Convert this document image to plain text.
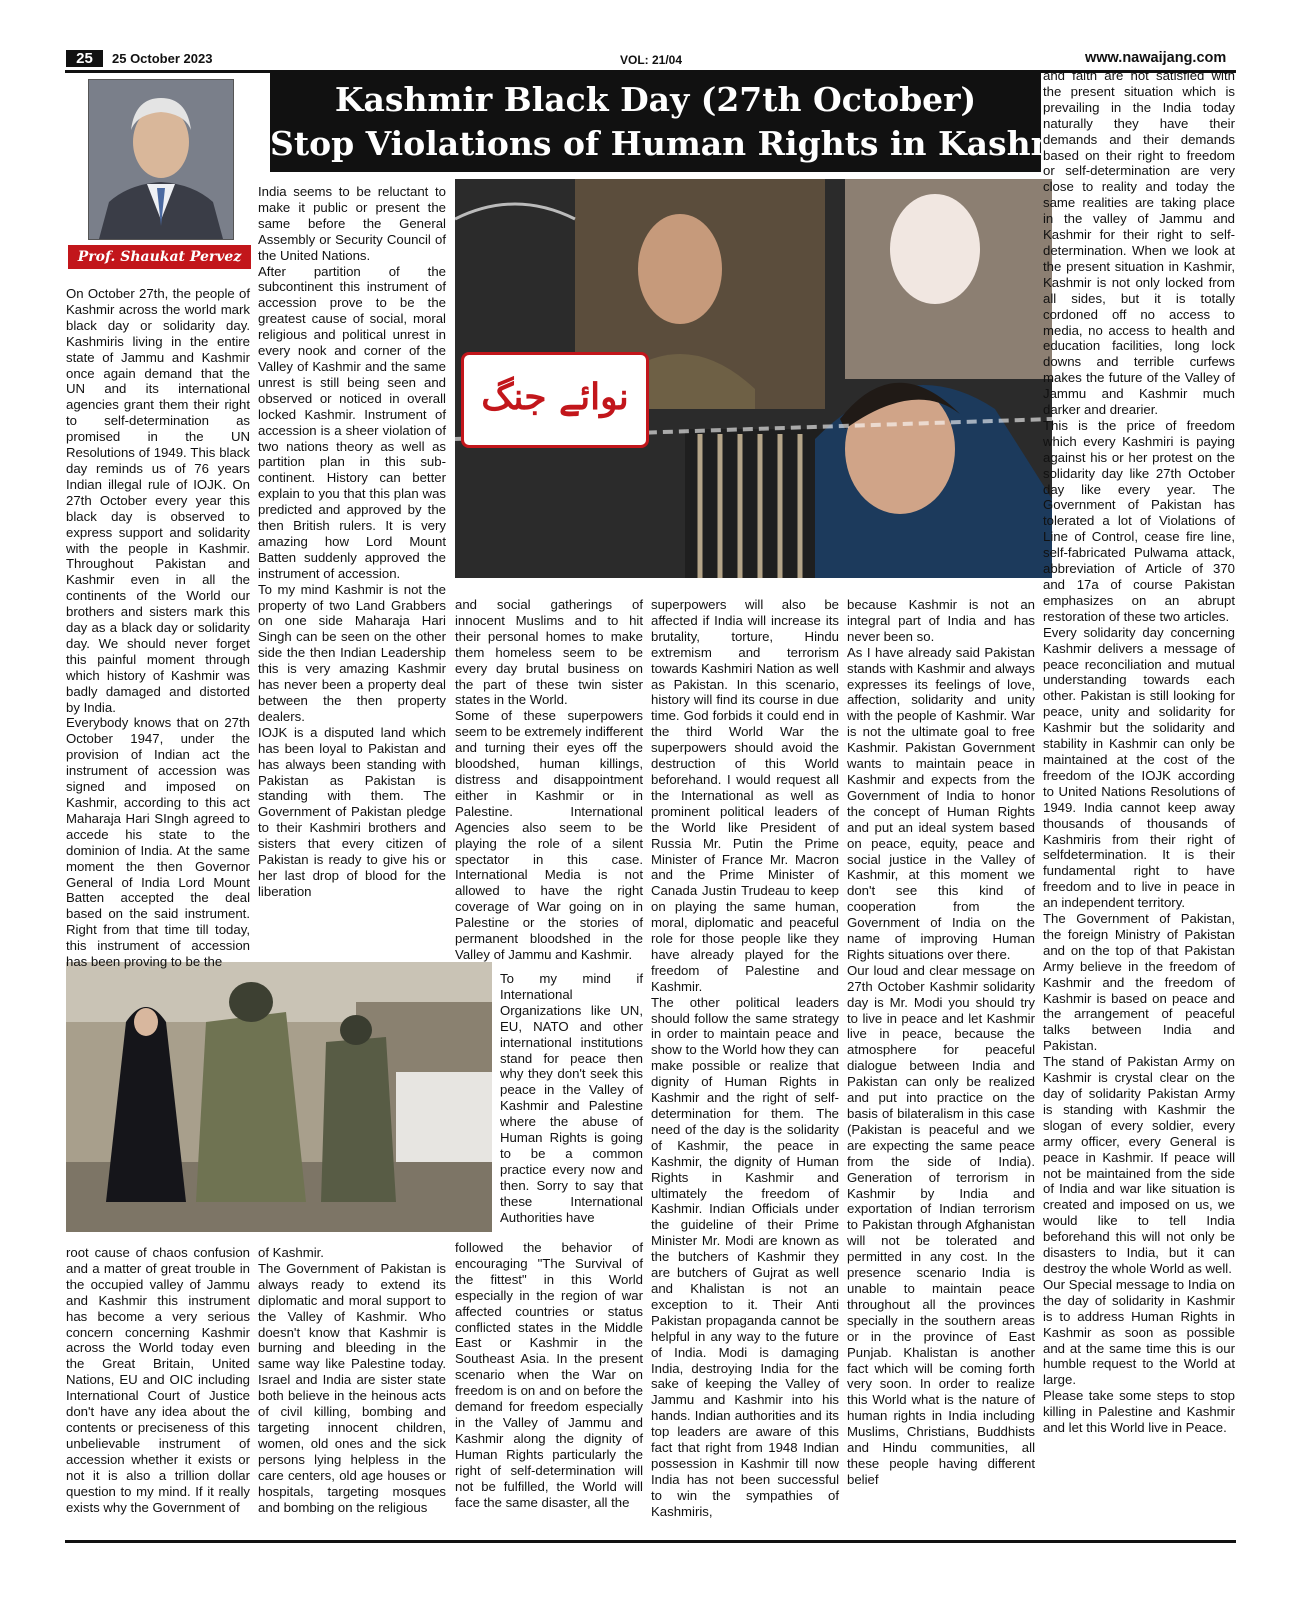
25	25 October 2023	VOL: 21/04	www.nawaijang.com
Kashmir Black Day (27th October)
Stop Violations of Human Rights in Kashmir
Prof. Shaukat Pervez Awan
نوائے جنگ

On October 27th, the people of Kashmir across the world mark black day or solidarity day. Kashmiris living in the entire state of Jammu and Kashmir once again demand that the UN and its international agencies grant them their right to self-determination as promised in the UN Resolutions of 1949. This black day reminds us of 76 years Indian illegal rule of IOJK. On 27th October every year this black day is observed to express support and solidarity with the people in Kashmir. Throughout Pakistan and Kashmir even in all the continents of the World our brothers and sisters mark this day as a black day or solidarity day. We should never forget this painful moment through which history of Kashmir was badly damaged and distorted by India.
Everybody knows that on 27th October 1947, under the provision of Indian act the instrument of accession was signed and imposed on Kashmir, according to this act Maharaja Hari SIngh agreed to accede his state to the dominion of India. At the same moment the then Governor General of India Lord Mount Batten accepted the deal based on the said instrument. Right from that time till today, this instrument of accession has been proving to be the

India seems to be reluctant to make it public or present the same before the General Assembly or Security Council of the United Nations.
After partition of the subcontinent this instrument of accession prove to be the greatest cause of social, moral religious and political unrest in every nook and corner of the Valley of Kashmir and the same unrest is still being seen and observed or noticed in overall locked Kashmir. Instrument of accession is a sheer violation of two nations theory as well as partition plan in this sub-continent. History can better explain to you that this plan was predicted and approved by the then British rulers. It is very amazing how Lord Mount Batten suddenly approved the instrument of accession.
To my mind Kashmir is not the property of two Land Grabbers on one side Maharaja Hari Singh can be seen on the other side the then Indian Leadership this is very amazing Kashmir has never been a property deal between the then property dealers.
IOJK is a disputed land which has been loyal to Pakistan and has always been standing with Pakistan as Pakistan is standing with them. The Government of Pakistan pledge to their Kashmiri brothers and sisters that every citizen of Pakistan is ready to give his or her last drop of blood for the liberation

and social gatherings of innocent Muslims and to hit their personal homes to make them homeless seem to be every day brutal business on the part of these twin sister states in the World.
Some of these superpowers seem to be extremely indifferent and turning their eyes off the bloodshed, human killings, distress and disappointment either in Kashmir or in Palestine. International Agencies also seem to be playing the role of a silent spectator in this case. International Media is not allowed to have the right coverage of War going on in Palestine or the stories of permanent bloodshed in the Valley of Jammu and Kashmir.

To my mind if International Organizations like UN, EU, NATO and other international institutions stand for peace then why they don't seek this peace in the Valley of Kashmir and Palestine where the abuse of Human Rights is going to be a common practice every now and then. Sorry to say that these International Authorities have

followed the behavior of encouraging "The Survival of the fittest" in this World especially in the region of war affected countries or status conflicted states in the Middle East or Kashmir in the Southeast Asia. In the present scenario when the War on freedom is on and on before the demand for freedom especially in the Valley of Jammu and Kashmir along the dignity of Human Rights particularly the right of self-determination will not be fulfilled, the World will face the same disaster, all the

superpowers will also be affected if India will increase its brutality, torture, Hindu extremism and terrorism towards Kashmiri Nation as well as Pakistan. In this scenario, history will find its course in due time. God forbids it could end in the third World War the superpowers should avoid the destruction of this World beforehand. I would request all the International as well as prominent political leaders of the World like President of Russia Mr. Putin the Prime Minister of France Mr. Macron and the Prime Minister of Canada Justin Trudeau to keep on playing the same human, moral, diplomatic and peaceful role for those people like they have already played for the freedom of Palestine and Kashmir.
The other political leaders should follow the same strategy in order to maintain peace and show to the World how they can make possible or realize that dignity of Human Rights in Kashmir and the right of self-determination for them. The need of the day is the solidarity of Kashmir, the peace in Kashmir, the dignity of Human Rights in Kashmir and ultimately the freedom of Kashmir. Indian Officials under the guideline of their Prime Minister Mr. Modi are known as the butchers of Kashmir they are butchers of Gujrat as well and Khalistan is not an exception to it. Their Anti Pakistan propaganda cannot be helpful in any way to the future of India. Modi is damaging India, destroying India for the sake of keeping the Valley of Jammu and Kashmir into his hands. Indian authorities and its top leaders are aware of this fact that right from 1948 Indian possession in Kashmir till now India has not been successful to win the sympathies of Kashmiris,

because Kashmir is not an integral part of India and has never been so.
As I have already said Pakistan stands with Kashmir and always expresses its feelings of love, affection, solidarity and unity with the people of Kashmir. War is not the ultimate goal to free Kashmir. Pakistan Government wants to maintain peace in Kashmir and expects from the Government of India to honor the concept of Human Rights and put an ideal system based on peace, equity, peace and social justice in the Valley of Kashmir, at this moment we don't see this kind of cooperation from the Government of India on the name of improving Human Rights situations over there.
Our loud and clear message on 27th October Kashmir solidarity day is Mr. Modi you should try to live in peace and let Kashmir live in peace, because the atmosphere for peaceful dialogue between India and Pakistan can only be realized and put into practice on the basis of bilateralism in this case (Pakistan is peaceful and we are expecting the same peace from the side of India). Generation of terrorism in Kashmir by India and exportation of Indian terrorism to Pakistan through Afghanistan will not be tolerated and permitted in any cost. In the presence scenario India is unable to maintain peace throughout all the provinces specially in the southern areas or in the province of East Punjab. Khalistan is another fact which will be coming forth very soon. In order to realize this World what is the nature of human rights in India including Muslims, Christians, Buddhists and Hindu communities, all these people having different belief

and faith are not satisfied with the present situation which is prevailing in the India today naturally they have their demands and their demands based on their right to freedom or self-determination are very close to reality and today the same realities are taking place in the valley of Jammu and Kashmir for their right to self-determination. When we look at the present situation in Kashmir, Kashmir is not only locked from all sides, but it is totally cordoned off no access to media, no access to health and education facilities, long lock downs and terrible curfews makes the future of the Valley of Jammu and Kashmir much darker and drearier.
This is the price of freedom which every Kashmiri is paying against his or her protest on the solidarity day like 27th October day like every year. The Government of Pakistan has tolerated a lot of Violations of Line of Control, cease fire line, self-fabricated Pulwama attack, abbreviation of Article of 370 and 17a of course Pakistan emphasizes on an abrupt restoration of these two articles.
Every solidarity day concerning Kashmir delivers a message of peace reconciliation and mutual understanding towards each other. Pakistan is still looking for peace, unity and solidarity for Kashmir but the solidarity and stability in Kashmir can only be maintained at the cost of the freedom of the IOJK according to United Nations Resolutions of 1949. India cannot keep away thousands of thousands of Kashmiris from their right of selfdetermination. It is their fundamental right to have freedom and to live in peace in an independent territory.
The Government of Pakistan, the foreign Ministry of Pakistan and on the top of that Pakistan Army believe in the freedom of Kashmir and the freedom of Kashmir is based on peace and the arrangement of peaceful talks between India and Pakistan.
The stand of Pakistan Army on Kashmir is crystal clear on the day of solidarity Pakistan Army is standing with Kashmir the slogan of every soldier, every army officer, every General is peace in Kashmir. If peace will not be maintained from the side of India and war like situation is created and imposed on us, we would like to tell India beforehand this will not only be disasters to India, but it can destroy the whole World as well.
Our Special message to India on the day of solidarity in Kashmir is to address Human Rights in Kashmir as soon as possible and at the same time this is our humble request to the World at large.
Please take some steps to stop killing in Palestine and Kashmir and let this World live in Peace.

root cause of chaos confusion and a matter of great trouble in the occupied valley of Jammu and Kashmir this instrument has become a very serious concern concerning Kashmir across the World today even the Great Britain, United Nations, EU and OIC including International Court of Justice don't have any idea about the contents or preciseness of this unbelievable instrument of accession whether it exists or not it is also a trillion dollar question to my mind. If it really exists why the Government of

of Kashmir.
The Government of Pakistan is always ready to extend its diplomatic and moral support to the Valley of Kashmir. Who doesn't know that Kashmir is burning and bleeding in the same way like Palestine today. Israel and India are sister state both believe in the heinous acts of civil killing, bombing and targeting innocent children, women, old ones and the sick persons lying helpless in the care centers, old age houses or hospitals, targeting mosques and bombing on the religious
